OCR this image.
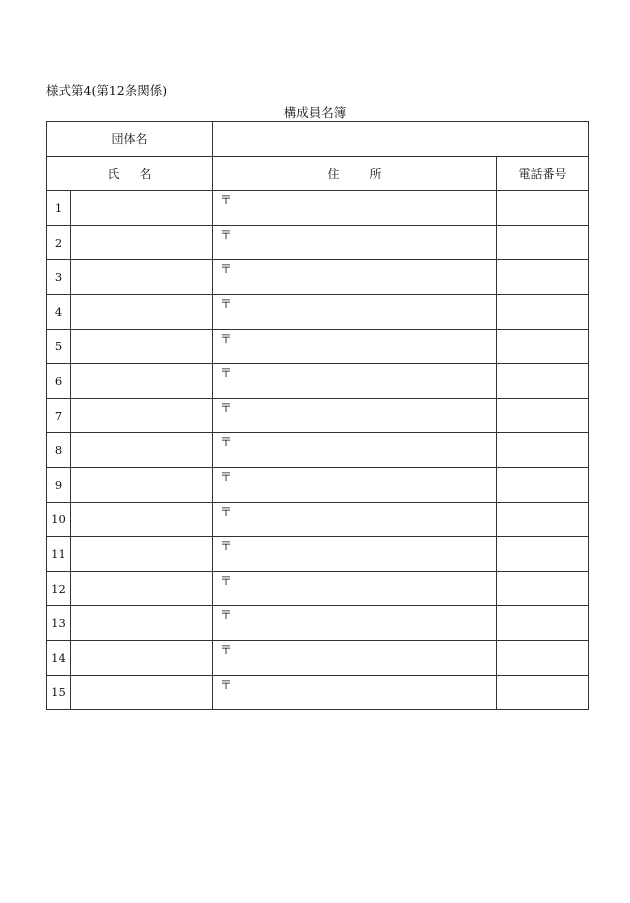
様式第4(第12条関係)
構成員名簿
団体名			
氏 名		住 所	電話番号
1		〒	
2		〒	
3		〒	
4		〒	
5		〒	
6		〒	
7		〒	
8		〒	
9		〒	
10		〒	
11		〒	
12		〒	
13		〒	
14		〒	
15		〒	
